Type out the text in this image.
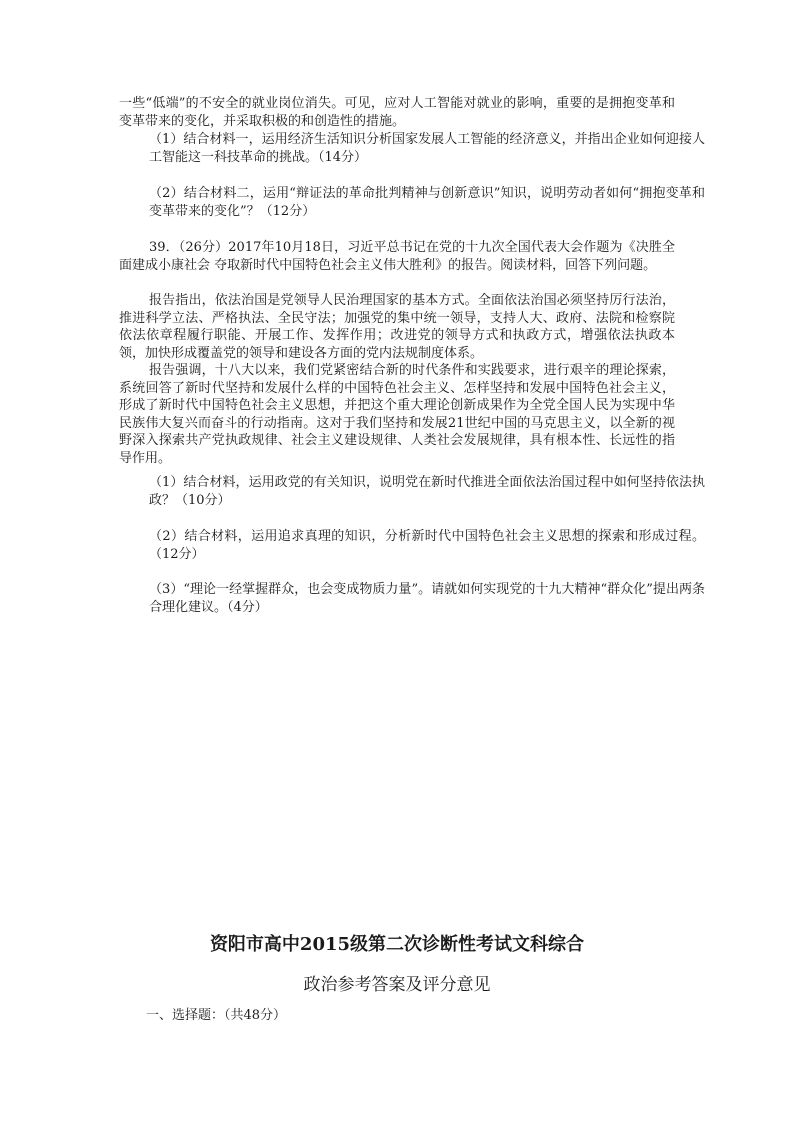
一些“低端”的不安全的就业岗位消失。可见，应对人工智能对就业的影响，重要的是拥抱变革和变革带来的变化，并采取积极的和创造性的措施。

（1）结合材料一，运用经济生活知识分析国家发展人工智能的经济意义，并指出企业如何迎接人工智能这一科技革命的挑战。（14分）

（2）结合材料二，运用“辩证法的革命批判精神与创新意识”知识，说明劳动者如何“拥抱变革和变革带来的变化”？（12分）

39．（26分）2017年10月18日，习近平总书记在党的十九次全国代表大会作题为《决胜全面建成小康社会 夺取新时代中国特色社会主义伟大胜利》的报告。阅读材料，回答下列问题。

报告指出，依法治国是党领导人民治理国家的基本方式。全面依法治国必须坚持厉行法治，推进科学立法、严格执法、全民守法；加强党的集中统一领导，支持人大、政府、法院和检察院依法依章程履行职能、开展工作、发挥作用；改进党的领导方式和执政方式，增强依法执政本领，加快形成覆盖党的领导和建设各方面的党内法规制度体系。

报告强调，十八大以来，我们党紧密结合新的时代条件和实践要求，进行艰辛的理论探索，系统回答了新时代坚持和发展什么样的中国特色社会主义、怎样坚持和发展中国特色社会主义，形成了新时代中国特色社会主义思想，并把这个重大理论创新成果作为全党全国人民为实现中华民族伟大复兴而奋斗的行动指南。这对于我们坚持和发展21世纪中国的马克思主义，以全新的视野深入探索共产党执政规律、社会主义建设规律、人类社会发展规律，具有根本性、长远性的指导作用。

（1）结合材料，运用政党的有关知识，说明党在新时代推进全面依法治国过程中如何坚持依法执政？（10分）

（2）结合材料，运用追求真理的知识，分析新时代中国特色社会主义思想的探索和形成过程。（12分）

（3）“理论一经掌握群众，也会变成物质力量”。请就如何实现党的十九大精神“群众化”提出两条合理化建议。（4分）

资阳市高中2015级第二次诊断性考试文科综合
政治参考答案及评分意见

一、选择题：（共48分）
